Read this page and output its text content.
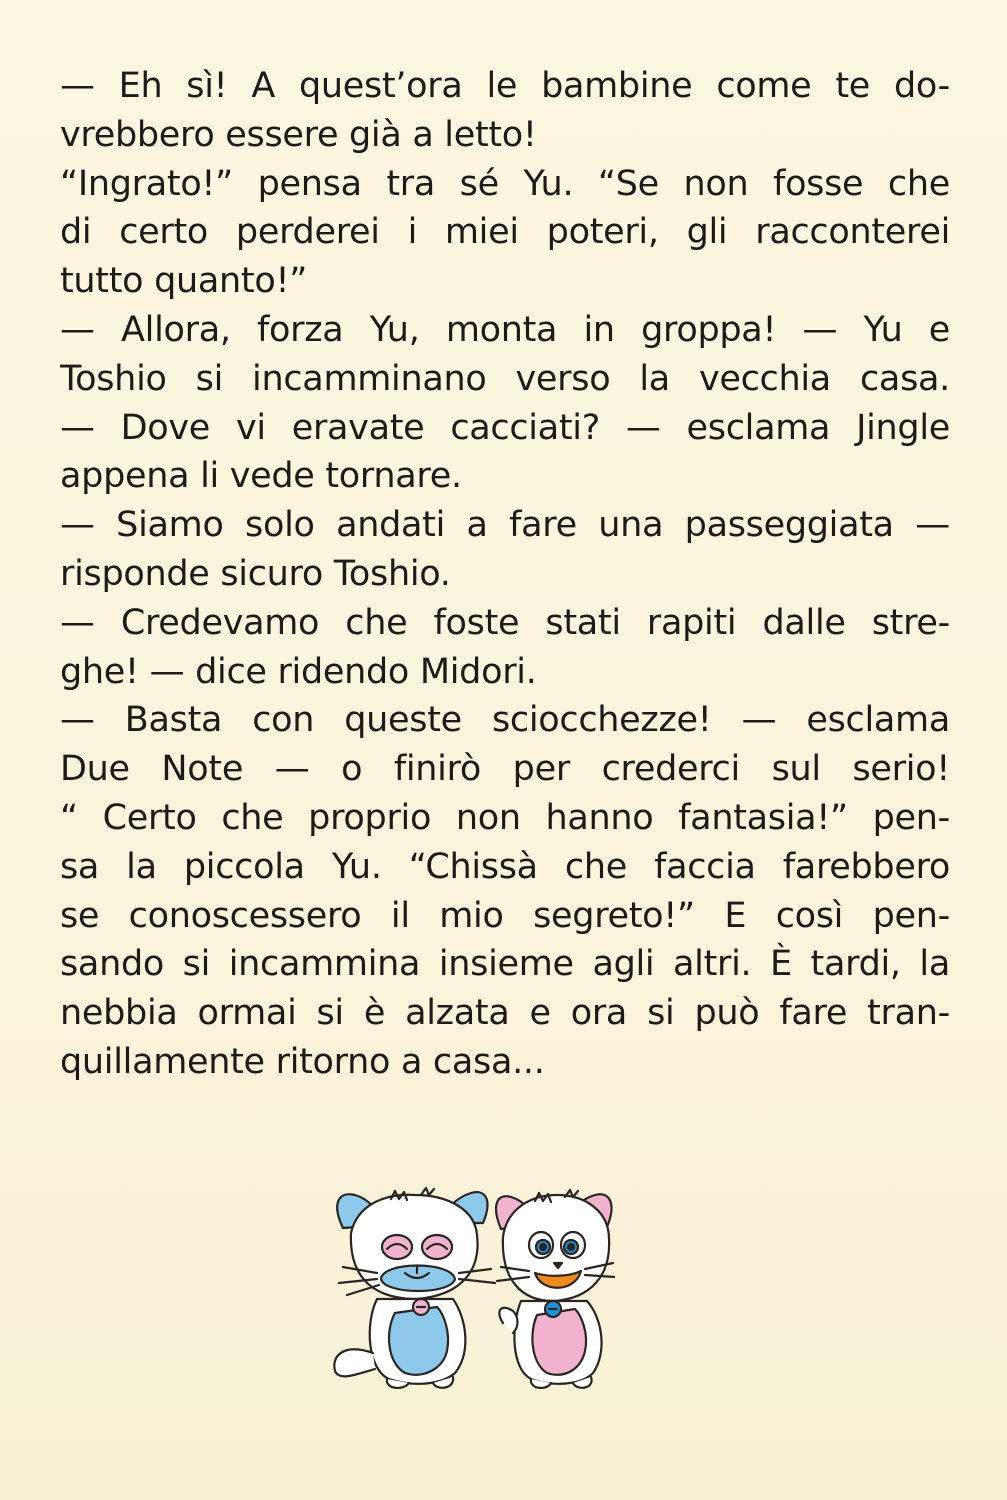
— Eh sì! A quest’ora le bambine come te do-
vrebbero essere già a letto!
“Ingrato!” pensa tra sé Yu. “Se non fosse che
di certo perderei i miei poteri, gli racconterei
tutto quanto!”
— Allora, forza Yu, monta in groppa! — Yu e
Toshio si incamminano verso la vecchia casa.
— Dove vi eravate cacciati? — esclama Jingle
appena li vede tornare.
— Siamo solo andati a fare una passeggiata —
risponde sicuro Toshio.
— Credevamo che foste stati rapiti dalle stre-
ghe! — dice ridendo Midori.
— Basta con queste sciocchezze! — esclama
Due Note — o finirò per crederci sul serio!
“ Certo che proprio non hanno fantasia!” pen-
sa la piccola Yu. “Chissà che faccia farebbero
se conoscessero il mio segreto!” E così pen-
sando si incammina insieme agli altri. È tardi, la
nebbia ormai si è alzata e ora si può fare tran-
quillamente ritorno a casa...
